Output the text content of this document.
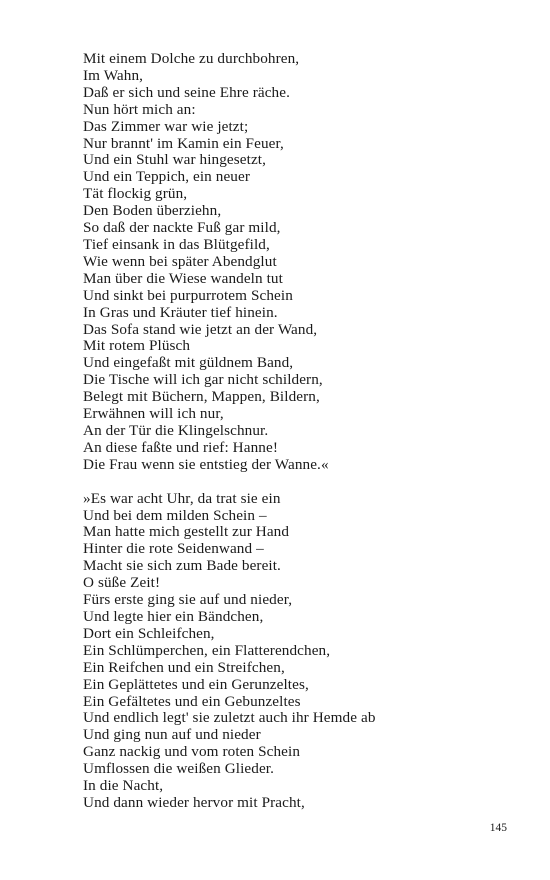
Mit einem Dolche zu durchbohren,
Im Wahn,
Daß er sich und seine Ehre räche.
Nun hört mich an:
Das Zimmer war wie jetzt;
Nur brannt' im Kamin ein Feuer,
Und ein Stuhl war hingesetzt,
Und ein Teppich, ein neuer
Tät flockig grün,
Den Boden überziehn,
So daß der nackte Fuß gar mild,
Tief einsank in das Blütgefild,
Wie wenn bei später Abendglut
Man über die Wiese wandeln tut
Und sinkt bei purpurrotem Schein
In Gras und Kräuter tief hinein.
Das Sofa stand wie jetzt an der Wand,
Mit rotem Plüsch
Und eingefaßt mit güldnem Band,
Die Tische will ich gar nicht schildern,
Belegt mit Büchern, Mappen, Bildern,
Erwähnen will ich nur,
An der Tür die Klingelschnur.
An diese faßte und rief: Hanne!
Die Frau wenn sie entstieg der Wanne.«
»Es war acht Uhr, da trat sie ein
Und bei dem milden Schein –
Man hatte mich gestellt zur Hand
Hinter die rote Seidenwand –
Macht sie sich zum Bade bereit.
O süße Zeit!
Fürs erste ging sie auf und nieder,
Und legte hier ein Bändchen,
Dort ein Schleifchen,
Ein Schlümperchen, ein Flatterendchen,
Ein Reifchen und ein Streifchen,
Ein Geplättetes und ein Gerunzeltes,
Ein Gefältetes und ein Gebunzeltes
Und endlich legt' sie zuletzt auch ihr Hemde ab
Und ging nun auf und nieder
Ganz nackig und vom roten Schein
Umflossen die weißen Glieder.
In die Nacht,
Und dann wieder hervor mit Pracht,
145
